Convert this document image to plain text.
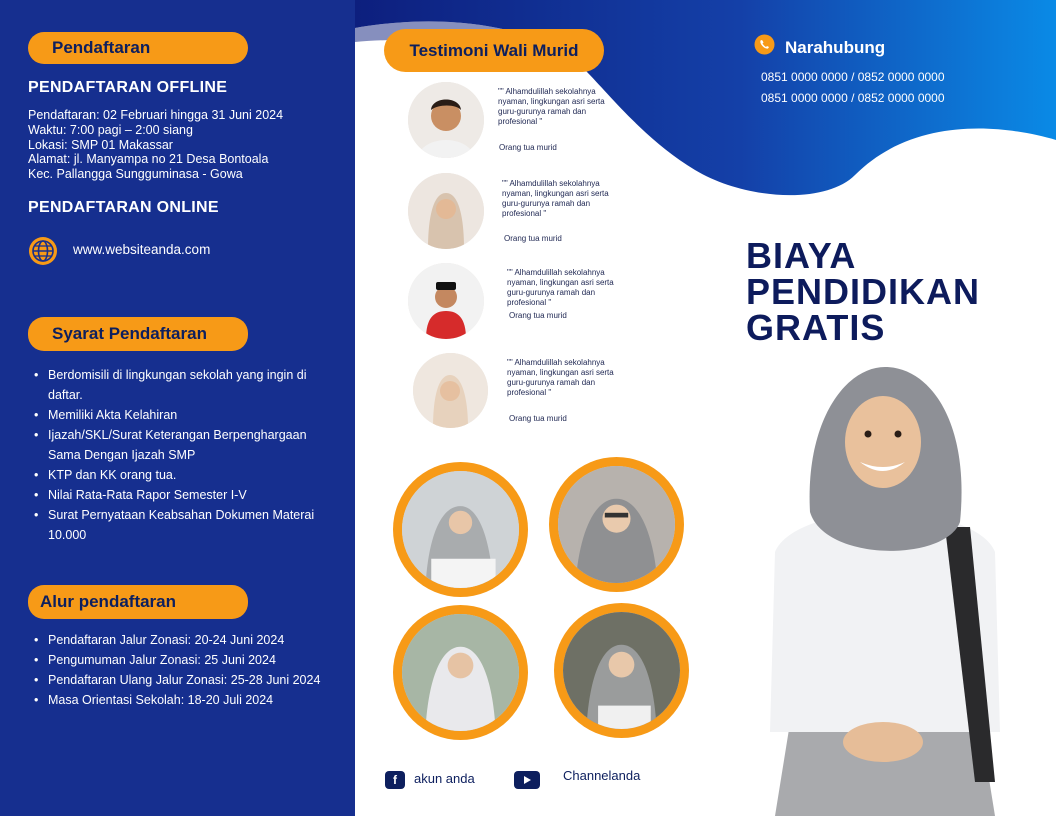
Pendaftaran
PENDAFTARAN OFFLINE
Pendaftaran: 02 Februari hingga 31 Juni 2024
Waktu: 7:00 pagi – 2:00 siang
Lokasi: SMP 01 Makassar
Alamat: jl. Manyampa no 21 Desa Bontoala
Kec. Pallangga Sungguminasa - Gowa
PENDAFTARAN ONLINE
www.websiteanda.com
Syarat Pendaftaran
• Berdomisili di lingkungan sekolah yang ingin di daftar.
• Memiliki Akta Kelahiran
• Ijazah/SKL/Surat Keterangan Berpenghargaan Sama Dengan Ijazah SMP
• KTP dan KK orang tua.
• Nilai Rata-Rata Rapor Semester I-V
• Surat Pernyataan Keabsahan Dokumen Materai 10.000
Alur pendaftaran
• Pendaftaran Jalur Zonasi: 20-24 Juni 2024
• Pengumuman Jalur Zonasi: 25 Juni 2024
• Pendaftaran Ulang Jalur Zonasi: 25-28 Juni 2024
• Masa Orientasi Sekolah: 18-20 Juli 2024
Narahubung
0851 0000 0000 / 0852 0000 0000
0851 0000 0000 / 0852 0000 0000
Testimoni Wali Murid
"" Alhamdulillah sekolahnya nyaman, lingkungan asri serta guru-gurunya ramah dan profesional "
Orang tua murid
"" Alhamdulillah sekolahnya nyaman, lingkungan asri serta guru-gurunya ramah dan profesional "
Orang tua murid
"" Alhamdulillah sekolahnya nyaman, lingkungan asri serta guru-gurunya ramah dan profesional "
Orang tua murid
"" Alhamdulillah sekolahnya nyaman, lingkungan asri serta guru-gurunya ramah dan profesional "
Orang tua murid
f	akun anda	Channelanda
BIAYA
PENDIDIKAN
GRATIS
